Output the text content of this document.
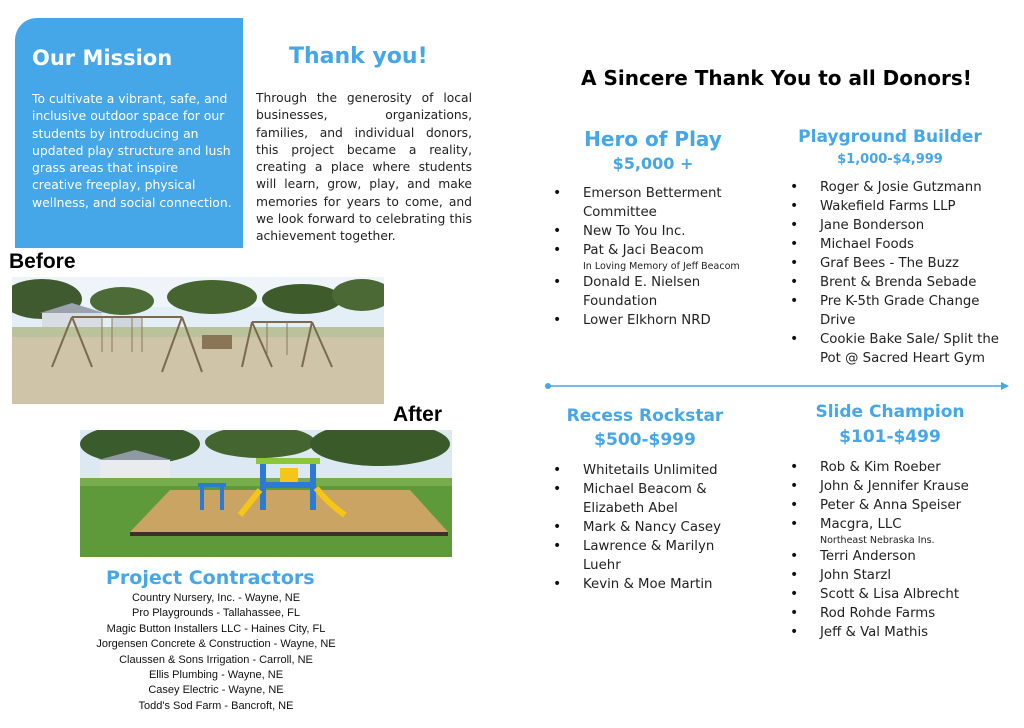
Our Mission
To cultivate a vibrant, safe, and inclusive outdoor space for our students by introducing an updated play structure and lush grass areas that inspire creative freeplay, physical wellness, and social connection.
Thank you!
Through the generosity of local businesses, organizations, families, and individual donors, this project became a reality, creating a place where students will learn, grow, play, and make memories for years to come, and we look forward to celebrating this achievement together.
Before
After
Project Contractors
Country Nursery, Inc. - Wayne, NE
Pro Playgrounds - Tallahassee, FL
Magic Button Installers LLC - Haines City, FL
Jorgensen Concrete & Construction - Wayne, NE
Claussen & Sons Irrigation - Carroll, NE
Ellis Plumbing - Wayne, NE
Casey Electric - Wayne, NE
Todd's Sod Farm - Bancroft, NE
A Sincere Thank You to all Donors!
Hero of Play
$5,000 +
• Emerson Betterment Committee
• New To You Inc.
• Pat & Jaci Beacom
In Loving Memory of Jeff Beacom
• Donald E. Nielsen Foundation
• Lower Elkhorn NRD
Playground Builder
$1,000-$4,999
• Roger & Josie Gutzmann
• Wakefield Farms LLP
• Jane Bonderson
• Michael Foods
• Graf Bees - The Buzz
• Brent & Brenda Sebade
• Pre K-5th Grade Change Drive
• Cookie Bake Sale/ Split the Pot @ Sacred Heart Gym
Recess Rockstar
$500-$999
• Whitetails Unlimited
• Michael Beacom & Elizabeth Abel
• Mark & Nancy Casey
• Lawrence & Marilyn Luehr
• Kevin & Moe Martin
Slide Champion
$101-$499
• Rob & Kim Roeber
• John & Jennifer Krause
• Peter & Anna Speiser
• Macgra, LLC
Northeast Nebraska Ins.
• Terri Anderson
• John Starzl
• Scott & Lisa Albrecht
• Rod Rohde Farms
• Jeff & Val Mathis
